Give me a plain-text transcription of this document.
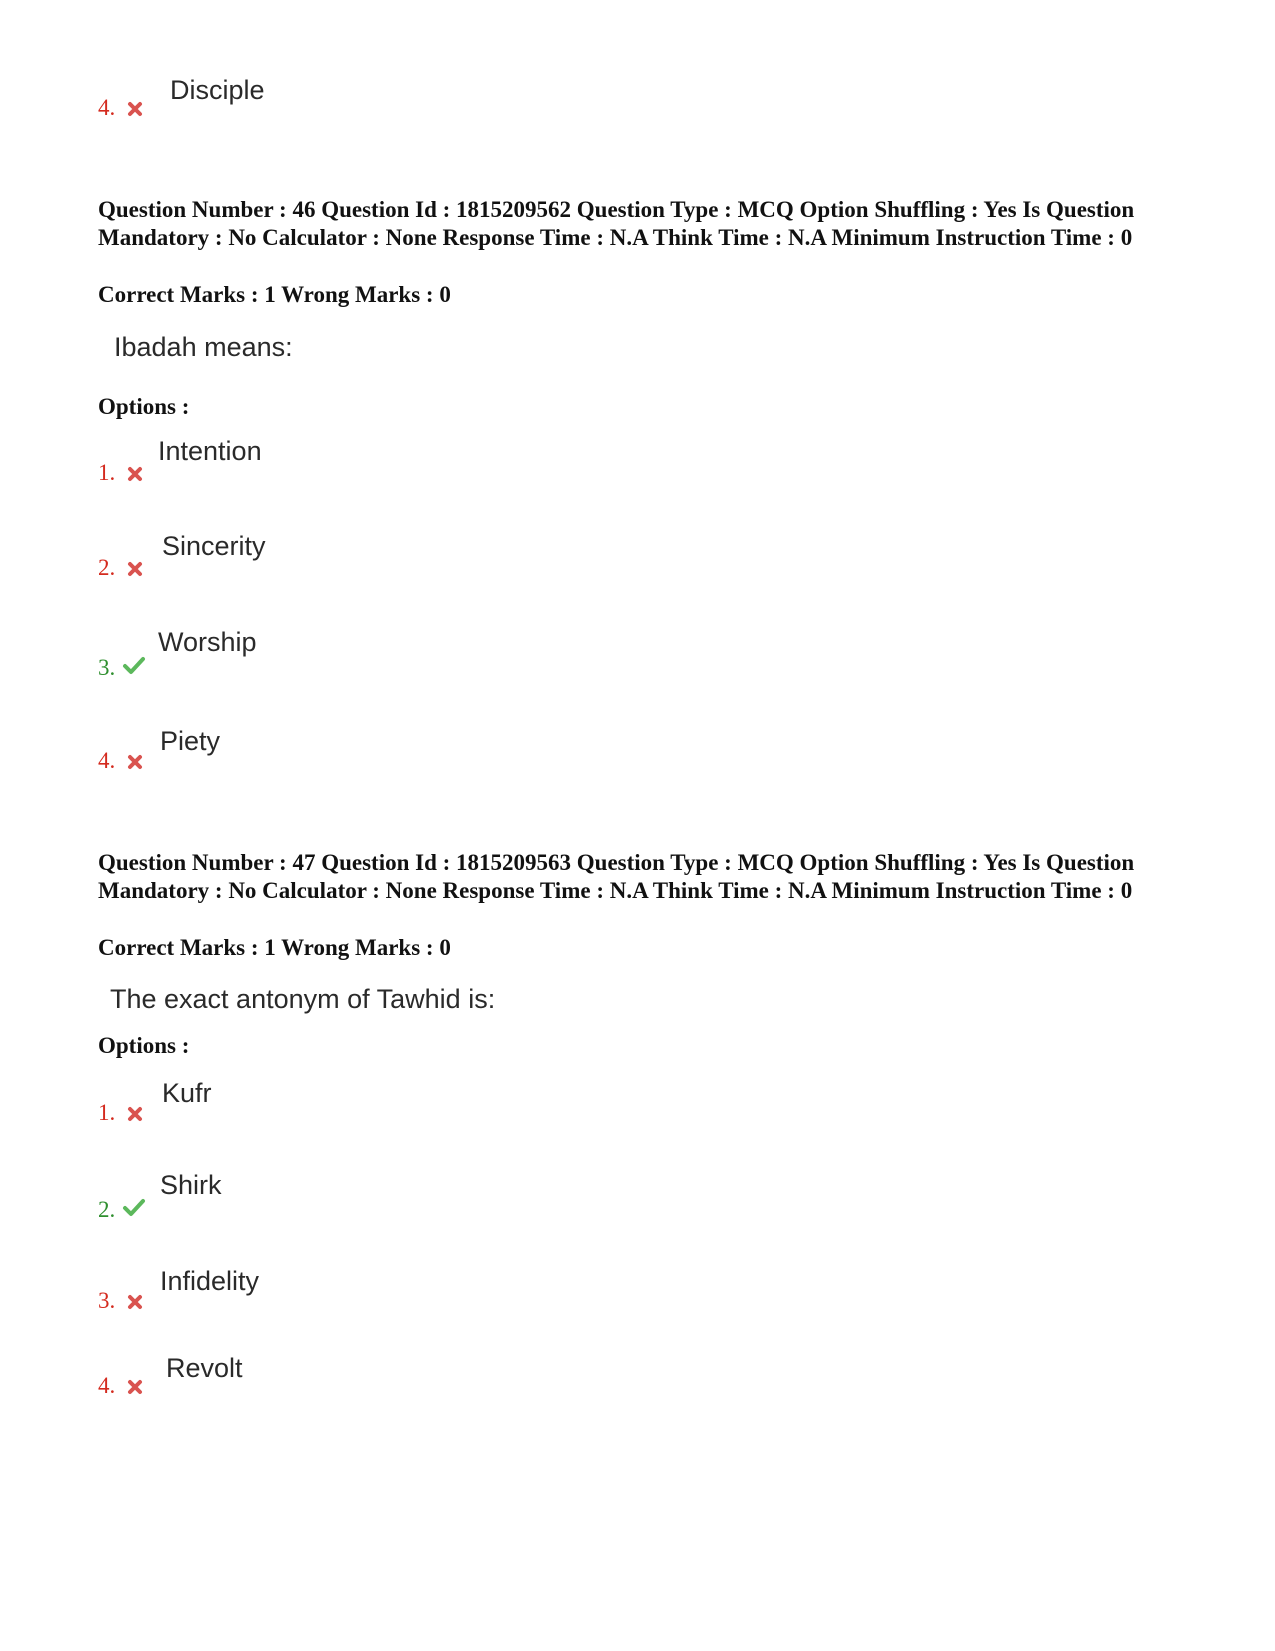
4.
Disciple
Question Number : 46 Question Id : 1815209562 Question Type : MCQ Option Shuffling : Yes Is Question Mandatory : No Calculator : None Response Time : N.A Think Time : N.A Minimum Instruction Time : 0
Correct Marks : 1 Wrong Marks : 0
Ibadah means:
Options :
1.
Intention
2.
Sincerity
3.
Worship
4.
Piety
Question Number : 47 Question Id : 1815209563 Question Type : MCQ Option Shuffling : Yes Is Question Mandatory : No Calculator : None Response Time : N.A Think Time : N.A Minimum Instruction Time : 0
Correct Marks : 1 Wrong Marks : 0
The exact antonym of Tawhid is:
Options :
1.
Kufr
2.
Shirk
3.
Infidelity
4.
Revolt
